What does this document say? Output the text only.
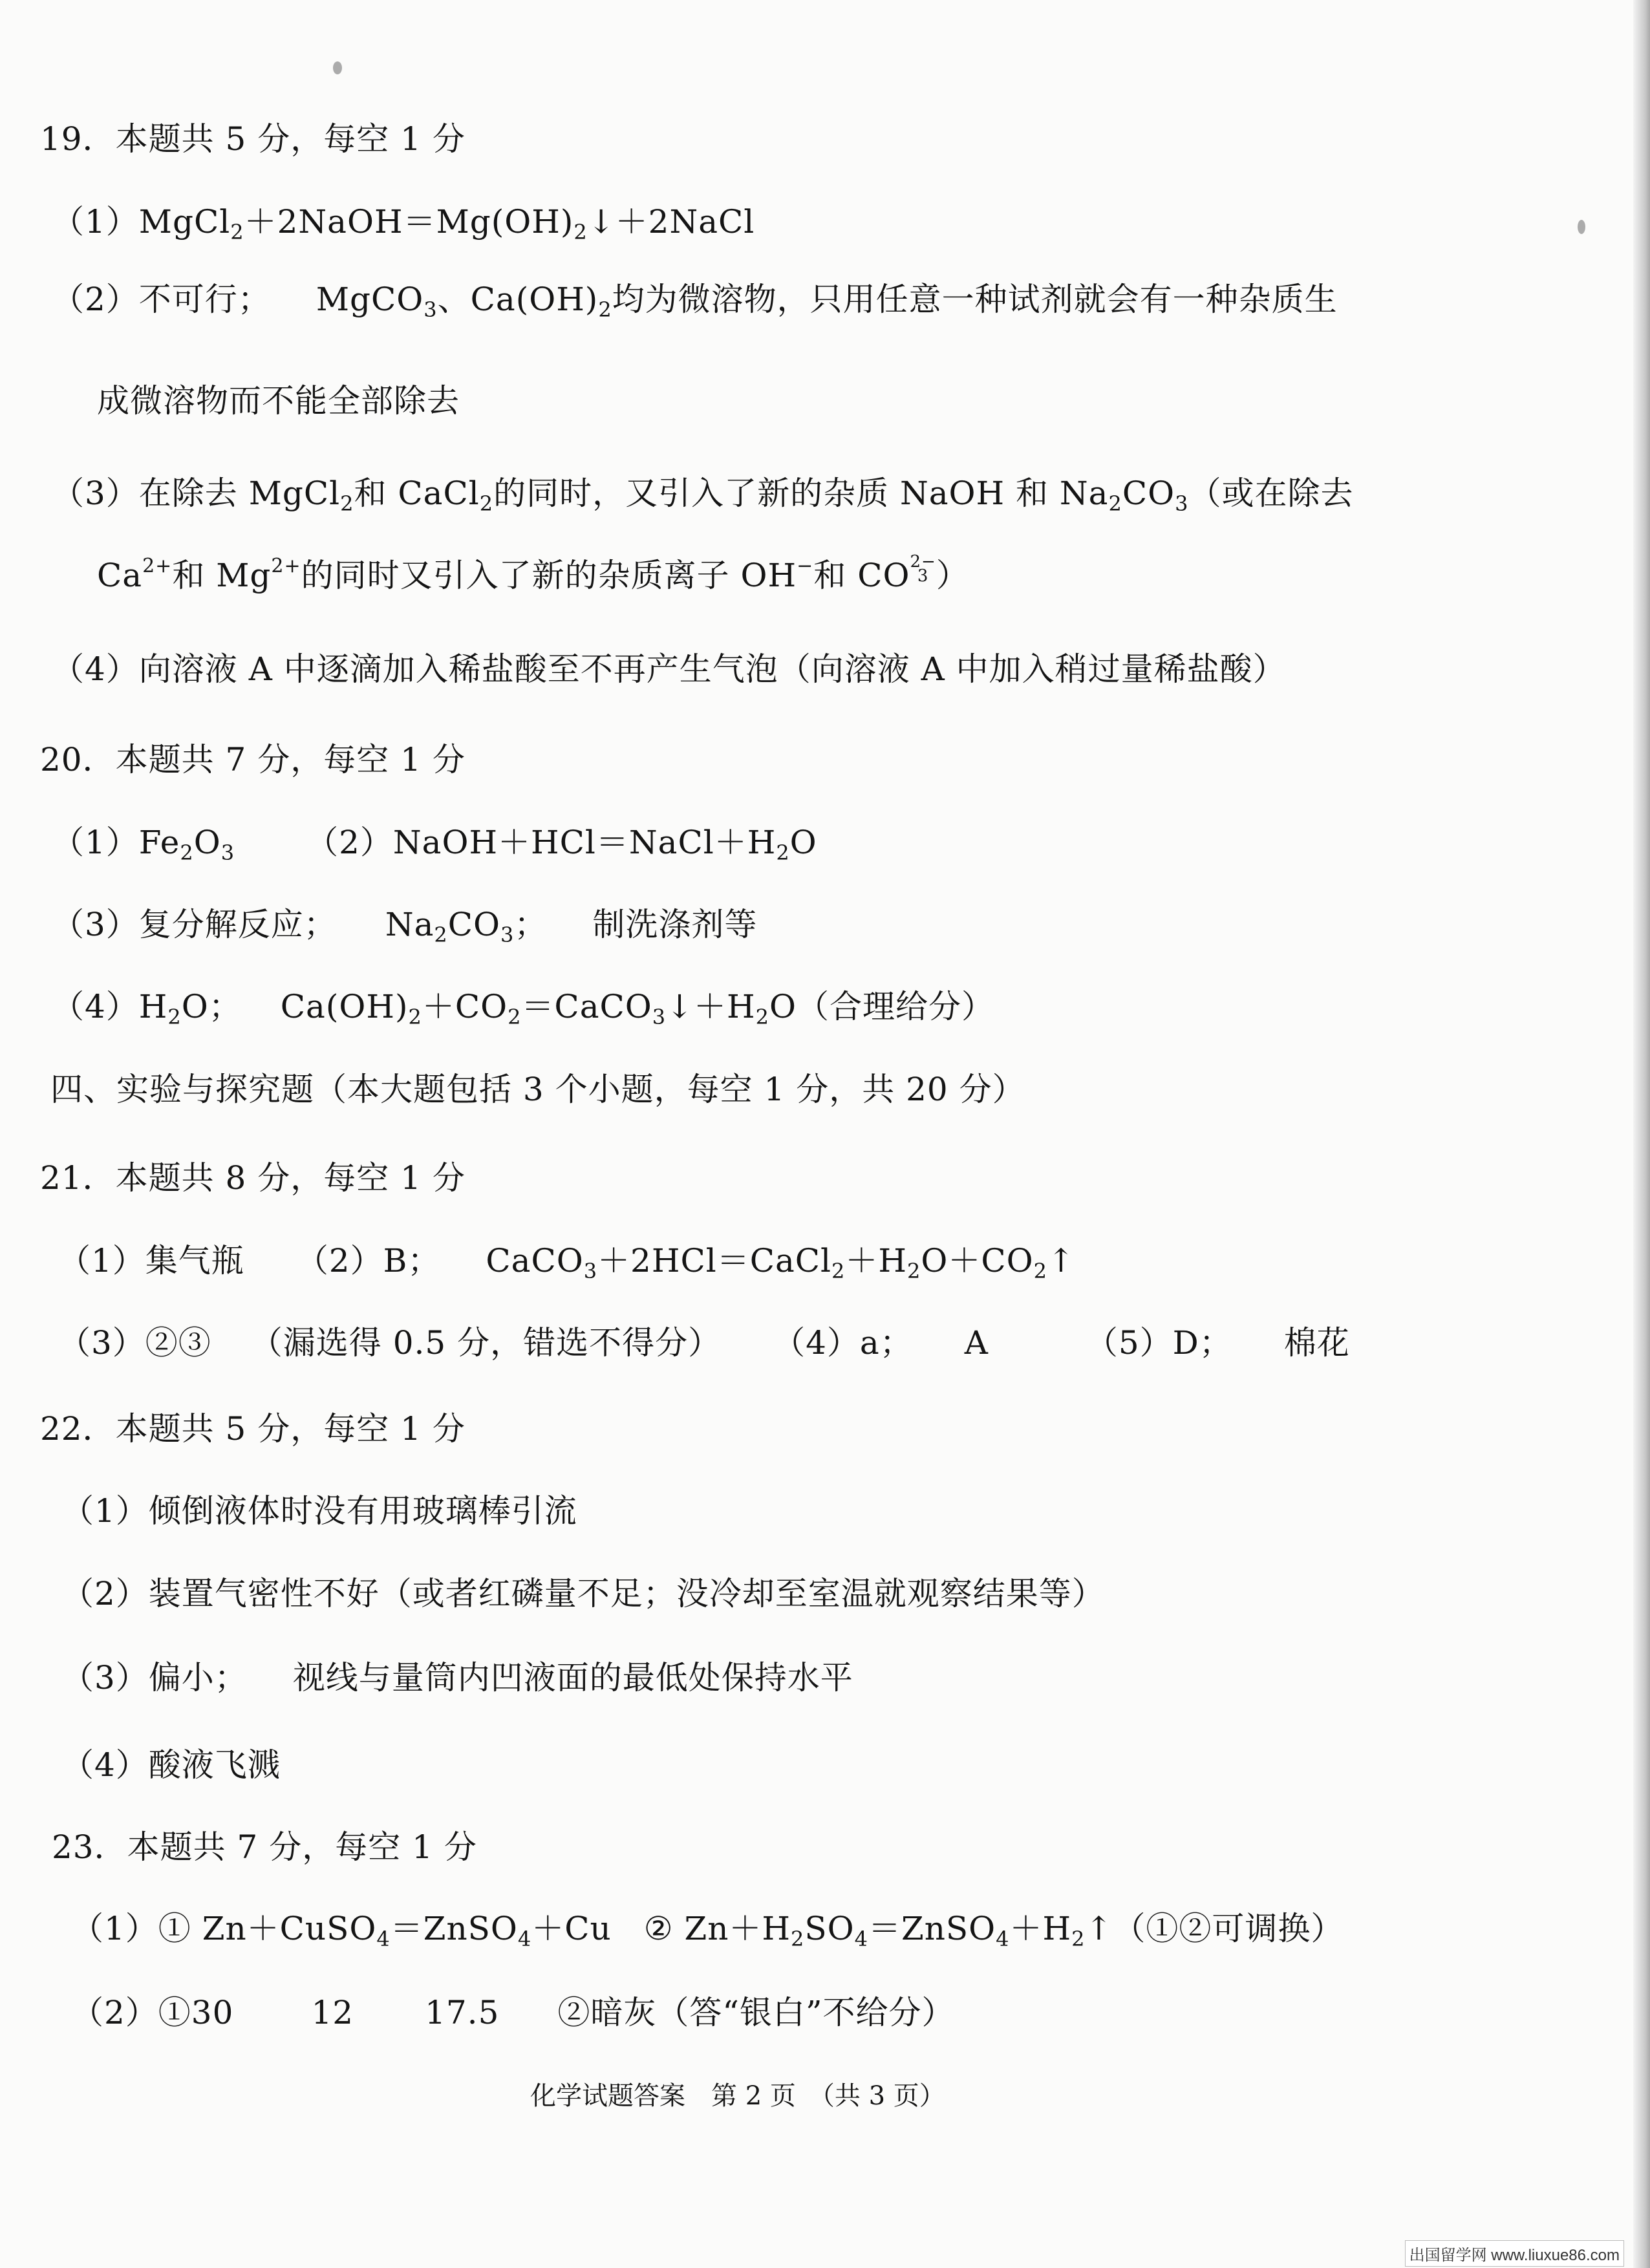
19．本题共 5 分，每空 1 分
$(1)MgCl_2+2NaOH=Mg(OH)_2↓+2NaCl$
（2）不可行； MgCO$_3$、$Ca(OH)_2$均为微溶物，只用任意一种试剂就会有一种杂质生
成微溶物而不能全部除去
（3）在除去 MgCl$_2$和 CaCl$_2$的同时，又引入了新的杂质 NaOH 和 $Na_2CO_3$（或在除去
$Ca^{2+}$和 $Mg^{2+}$的同时又引入了新的杂质离子 OH−和 CO 2−
3 ）
（4）向溶液 A 中逐滴加入稀盐酸至不再产生气泡（向溶液 A 中加入稍过量稀盐酸）
20．本题共 7 分，每空 1 分
$(1)Fe_2O_3$ $(2)NaOH+HCl=NaCl+H_2O$
（3）复分解反应； $Na_2CO_3$； 制洗涤剂等
$(4)H_2O$； $Ca(OH)_2+CO_2=CaCO_3↓+H_2O$（合理给分）
四、实验与探究题（本大题包括 3 个小题，每空 1 分，共 20 分）
21．本题共 8 分，每空 1 分
（1）集气瓶 （2）B； $CaCO_3+2HCl=CaCl_2+H_2O+CO_2↑$
（3）②③ （漏选得 0.5 分，错选不得分） （4）a； A	（5）D； 棉花
22．本题共 5 分，每空 1 分
（1）倾倒液体时没有用玻璃棒引流
（2）装置气密性不好（或者红磷量不足；没冷却至室温就观察结果等）
（3）偏小； 视线与量筒内凹液面的最低处保持水平
（4）酸液飞溅
23．本题共 7 分，每空 1 分
（1）① Zn＋CuSO$_4$＝ZnSO$_4$＋Cu ② $Zn+H_2SO_4=ZnSO_4+H_2↑(①②$可调换）
（2）①30 12 17.5 ②暗灰（答“银白”不给分）
化学试题答案　第 2 页　（共 3 页）
出国留学网 www.liuxue86.com
